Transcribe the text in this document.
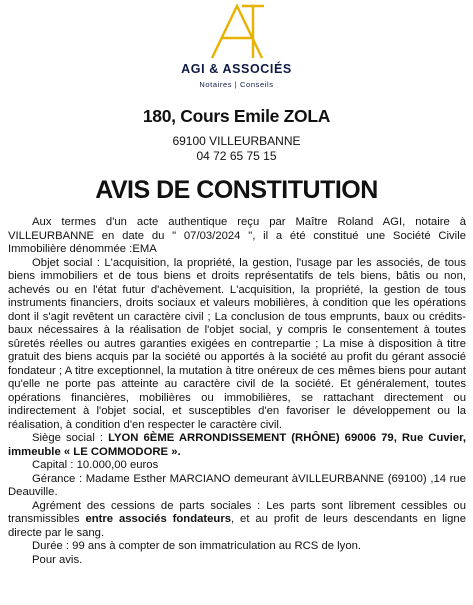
AGI & ASSOCIÉS
Notaires | Conseils
180, Cours Emile ZOLA
69100 VILLEURBANNE
04 72 65 75 15
AVIS DE CONSTITUTION

Aux termes d'un acte authentique reçu par Maître Roland AGI, notaire à VILLEURBANNE en date du " 07/03/2024 ", il a été constitué une Société Civile Immobilière dénommée :EMA

Objet social : L'acquisition, la propriété, la gestion, l'usage par les associés, de tous biens immobiliers et de tous biens et droits représentatifs de tels biens, bâtis ou non, achevés ou en l'état futur d'achèvement. L'acquisition, la propriété, la gestion de tous instruments financiers, droits sociaux et valeurs mobilières, à condition que les opérations dont il s'agit revêtent un caractère civil ; La conclusion de tous emprunts, baux ou crédits-baux nécessaires à la réalisation de l'objet social, y compris le consentement à toutes sûretés réelles ou autres garanties exigées en contrepartie ; La mise à disposition à titre gratuit des biens acquis par la société ou apportés à la société au profit du gérant associé fondateur ; A titre exceptionnel, la mutation à titre onéreux de ces mêmes biens pour autant qu'elle ne porte pas atteinte au caractère civil de la société. Et généralement, toutes opérations financières, mobilières ou immobilières, se rattachant directement ou indirectement à l'objet social, et susceptibles d'en favoriser le développement ou la réalisation, à condition d'en respecter le caractère civil.

Siège social : LYON 6ÈME ARRONDISSEMENT (RHÔNE) 69006 79, Rue Cuvier, immeuble « LE COMMODORE ».

Capital : 10.000,00 euros

Gérance : Madame Esther MARCIANO demeurant àVILLEURBANNE (69100) ,14 rue Deauville.

Agrément des cessions de parts sociales : Les parts sont librement cessibles ou transmissibles entre associés fondateurs, et au profit de leurs descendants en ligne directe par le sang.

Durée : 99 ans à compter de son immatriculation au RCS de lyon.

Pour avis.
